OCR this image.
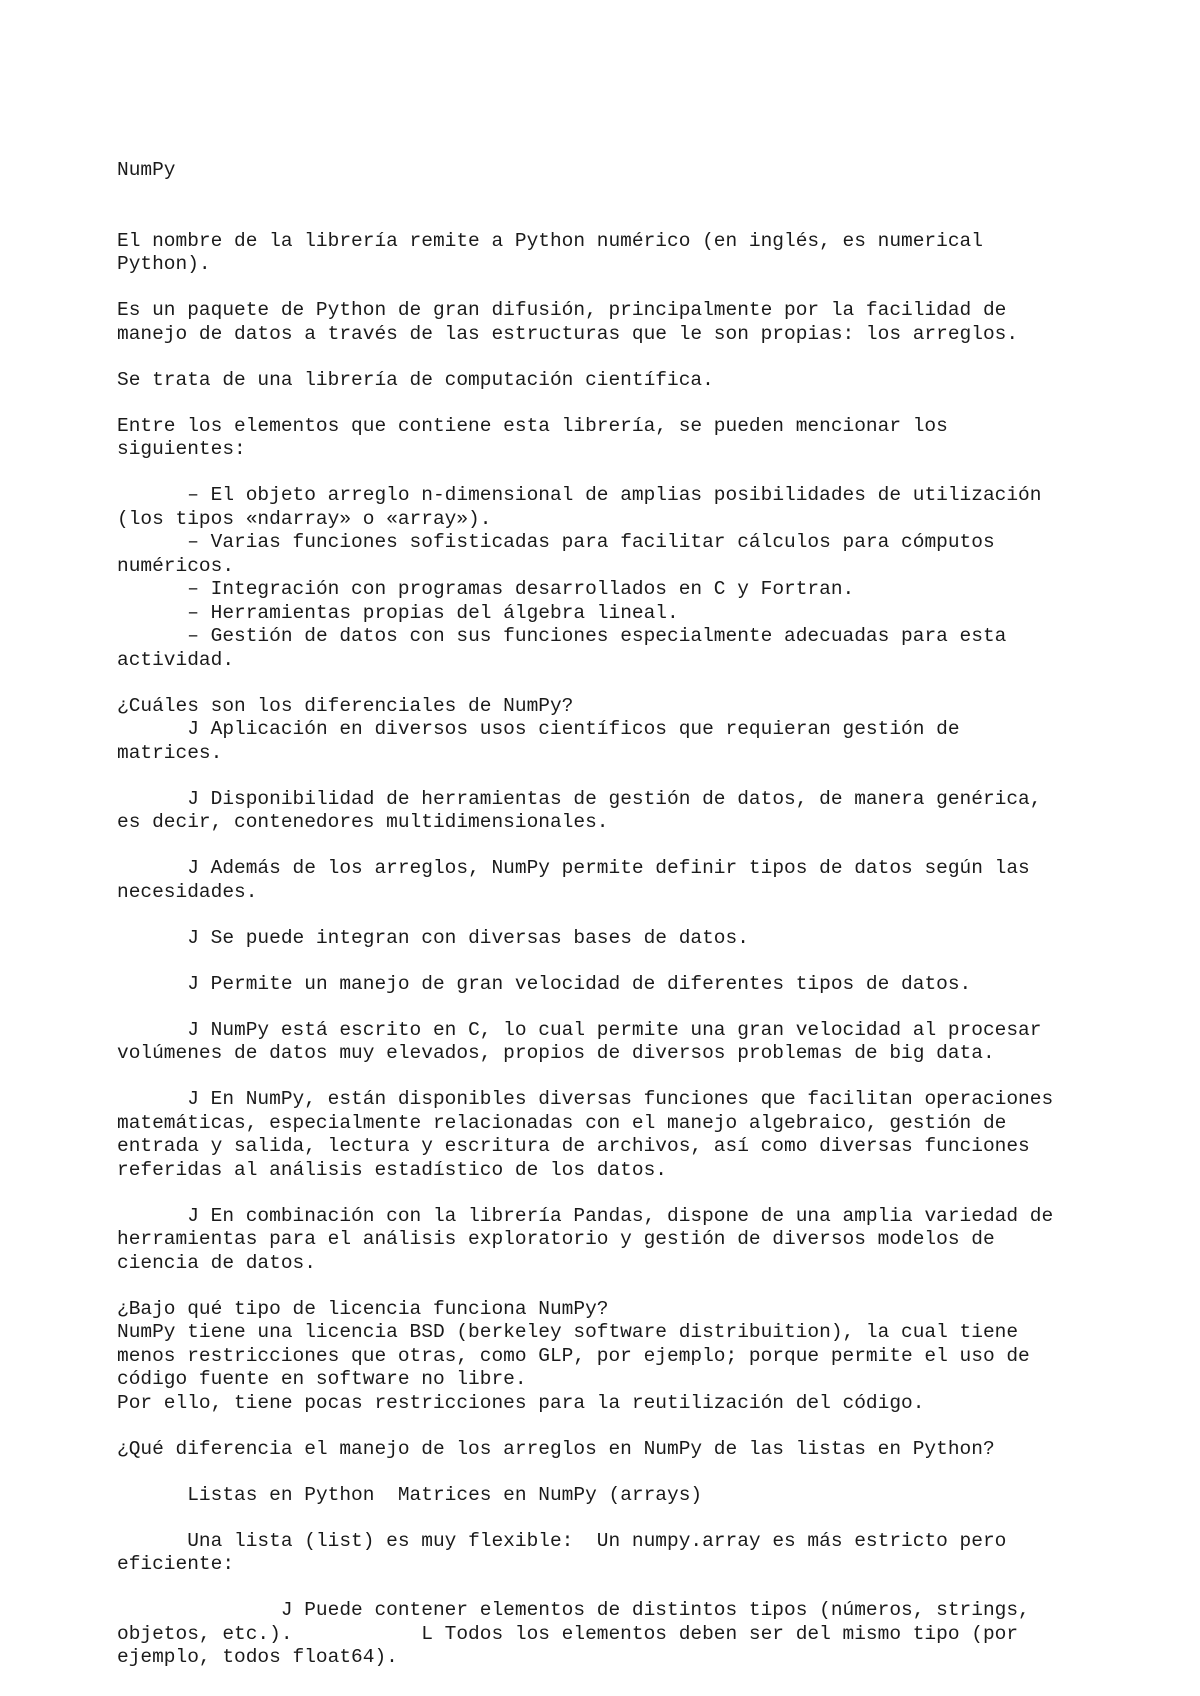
NumPy

El nombre de la librería remite a Python numérico (en inglés, es numerical
Python).
Es un paquete de Python de gran difusión, principalmente por la facilidad de
manejo de datos a través de las estructuras que le son propias: los arreglos.
Se trata de una librería de computación científica.
Entre los elementos que contiene esta librería, se pueden mencionar los
siguientes:
– El objeto arreglo n-dimensional de amplias posibilidades de utilización
(los tipos «ndarray» o «array»).
– Varias funciones sofisticadas para facilitar cálculos para cómputos
numéricos.
– Integración con programas desarrollados en C y Fortran.
– Herramientas propias del álgebra lineal.
– Gestión de datos con sus funciones especialmente adecuadas para esta
actividad.
¿Cuáles son los diferenciales de NumPy?
J Aplicación en diversos usos científicos que requieran gestión de
matrices.
J Disponibilidad de herramientas de gestión de datos, de manera genérica,
es decir, contenedores multidimensionales.
J Además de los arreglos, NumPy permite definir tipos de datos según las
necesidades.
J Se puede integran con diversas bases de datos.
J Permite un manejo de gran velocidad de diferentes tipos de datos.
J NumPy está escrito en C, lo cual permite una gran velocidad al procesar
volúmenes de datos muy elevados, propios de diversos problemas de big data.
J En NumPy, están disponibles diversas funciones que facilitan operaciones
matemáticas, especialmente relacionadas con el manejo algebraico, gestión de
entrada y salida, lectura y escritura de archivos, así como diversas funciones
referidas al análisis estadístico de los datos.
J En combinación con la librería Pandas, dispone de una amplia variedad de
herramientas para el análisis exploratorio y gestión de diversos modelos de
ciencia de datos.
¿Bajo qué tipo de licencia funciona NumPy?
NumPy tiene una licencia BSD (berkeley software distribuition), la cual tiene
menos restricciones que otras, como GLP, por ejemplo; porque permite el uso de
código fuente en software no libre.
Por ello, tiene pocas restricciones para la reutilización del código.
¿Qué diferencia el manejo de los arreglos en NumPy de las listas en Python?
Listas en Python  Matrices en NumPy (arrays)
Una lista (list) es muy flexible:  Un numpy.array es más estricto pero
eficiente:
J Puede contener elementos de distintos tipos (números, strings,
objetos, etc.).           L Todos los elementos deben ser del mismo tipo (por
ejemplo, todos float64).
